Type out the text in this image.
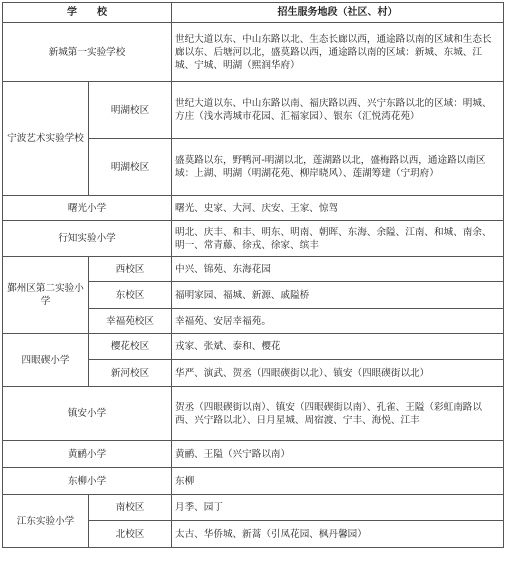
学　　校		招生服务地段（社区、村）
新城第一实验学校		世纪大道以东、中山东路以北、生态长廊以西，通途路以南的区域和生态长廊以东、后塘河以北，盛莫路以西，通途路以南的区域：新城、东城、江城、宁城、明湖（熙润华府）
宁波艺术实验学校	明湖校区	世纪大道以东、中山东路以南、福庆路以西、兴宁东路以北的区域：明城、方庄（浅水湾城市花园、汇福家园）、银东（汇悦湾花苑）
	明湖校区	盛莫路以东，野鸭河-明湖以北，莲湖路以北，盛梅路以西，通途路以南区域：上湖、明湖（明湖花苑、柳岸晓风）、莲湖筹建（宁玥府）
曙光小学		曙光、史家、大河、庆安、王家、惊驾
行知实验小学		明北、庆丰、和丰、明东、明南、朝晖、东海、余隘、江南、和城、南余、明一、常青藤、徐戎、徐家、缤丰
鄞州区第二实验小学	西校区	中兴、锦苑、东海花园
	东校区	福明家园、福城、新源、戚隘桥
	幸福苑校区	幸福苑、安居幸福苑。
四眼碶小学	樱花校区	戎家、张斌、泰和、樱花
	新河校区	华严、演武、贺丞（四眼碶街以北）、镇安（四眼碶街以北）
镇安小学		贺丞（四眼碶街以南）、镇安（四眼碶街以南）、孔雀、王隘（彩虹南路以西、兴宁路以北）、日月星城、周宿渡、宁丰、海悦、江丰
黄鹂小学		黄鹂、王隘（兴宁路以南）
东柳小学		东柳
江东实验小学	南校区	月季、园丁
	北校区	太古、华侨城、新蒿（引凤花园、枫丹馨园）
